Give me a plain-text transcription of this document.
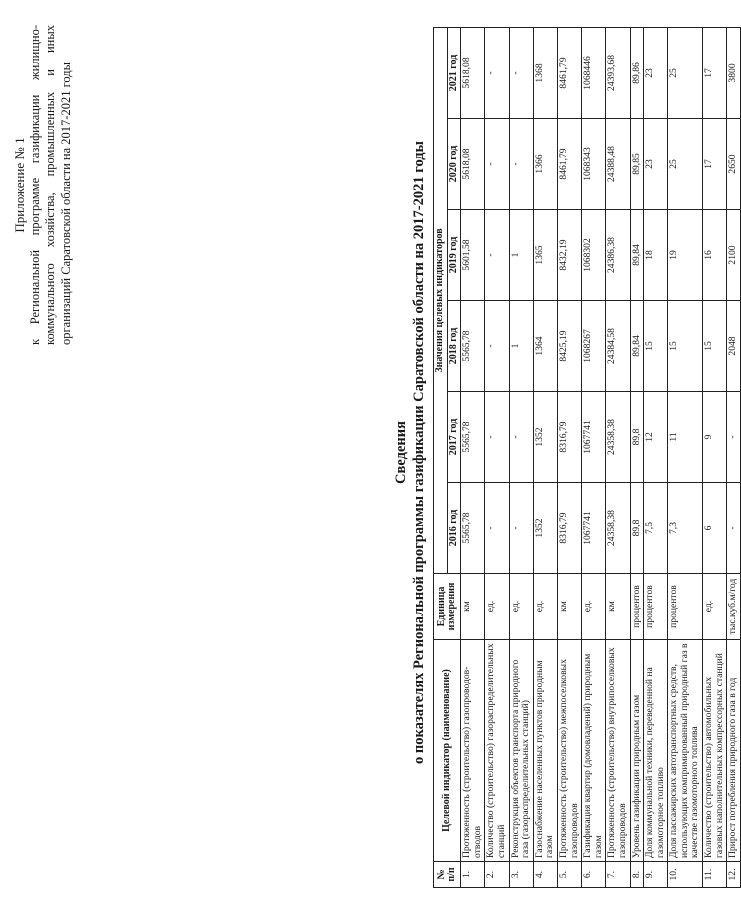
Приложение № 1 к Региональной программе газификации жилищно-коммунального хозяйства, промышленных и иных организаций Саратовской области на 2017-2021 годы
Сведения о показателях Региональной программы газификации Саратовской области на 2017-2021 годы
№ п/п	Целевой индикатор (наименование)	Единица измерения	Значения целевых индикаторов					
			2016 год	2017 год	2018 год	2019 год	2020 год	2021 год
1.	Протяженность (строительство) газопроводов-отводов	км	5565,78	5565,78	5565,78	5601,58	5618,08	5618,08
2.	Количество (строительство) газораспределительных станций	ед.	-	-	-	-	-	-
3.	Реконструкция объектов транспорта природного газа (газораспределительных станций)	ед.	-	-	1	1	-	-
4.	Газоснабжение населенных пунктов природным газом	ед.	1352	1352	1364	1365	1366	1368
5.	Протяженность (строительство) межпоселковых газопроводов	км	8316,79	8316,79	8425,19	8432,19	8461,79	8461,79
6.	Газификация квартир (домовладений) природным газом	ед.	1067741	1067741	1068267	1068302	1068343	1068446
7.	Протяженность (строительство) внутрипоселковых газопроводов	км	24358,38	24358,38	24384,58	24386,38	24388,48	24393,68
8.	Уровень газификации природным газом	процентов	89,8	89,8	89,84	89,84	89,85	89,86
9.	Доля коммунальной техники, переведенной на газомоторное топливо	процентов	7,5	12	15	18	23	23
10.	Доля пассажирских автотранспортных средств, использующих компримированный природный газ в качестве газомоторного топлива	процентов	7,3	11	15	19	25	25
11.	Количество (строительство) автомобильных газовых наполнительных компрессорных станций	ед.	6	9	15	16	17	17
12.	Прирост потребления природного газа в год	тыс.куб.м/год	-	-	2048	2100	2650	3800
